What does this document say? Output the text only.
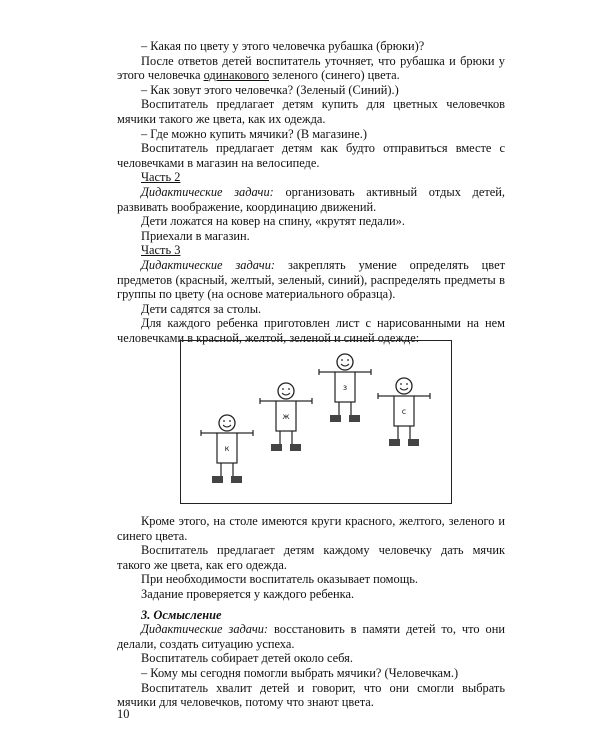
– Какая по цвету у этого человечка рубашка (брюки)?

После ответов детей воспитатель уточняет, что рубашка и брюки у этого человечка одинакового зеленого (синего) цвета.

– Как зовут этого человечка? (Зеленый (Синий).)

Воспитатель предлагает детям купить для цветных человечков мячики такого же цвета, как их одежда.

– Где можно купить мячики? (В магазине.)

Воспитатель предлагает детям как будто отправиться вместе с человечками в магазин на велосипеде.

Часть 2

Дидактические задачи: организовать активный отдых детей, развивать воображение, координацию движений.

Дети ложатся на ковер на спину, «крутят педали».

Приехали в магазин.

Часть 3

Дидактические задачи: закреплять умение определять цвет предметов (красный, желтый, зеленый, синий), распределять предметы в группы по цвету (на основе материального образца).

Дети садятся за столы.

Для каждого ребенка приготовлен лист с нарисованными на нем человечками в красной, желтой, зеленой и синей одежде:

к
ж
з
с

Кроме этого, на столе имеются круги красного, желтого, зеленого и синего цвета.

Воспитатель предлагает детям каждому человечку дать мячик такого же цвета, как его одежда.

При необходимости воспитатель оказывает помощь.

Задание проверяется у каждого ребенка.

3. Осмысление

Дидактические задачи: восстановить в памяти детей то, что они делали, создать ситуацию успеха.

Воспитатель собирает детей около себя.

– Кому мы сегодня помогли выбрать мячики? (Человечкам.)

Воспитатель хвалит детей и говорит, что они смогли выбрать мячики для человечков, потому что знают цвета.

10
